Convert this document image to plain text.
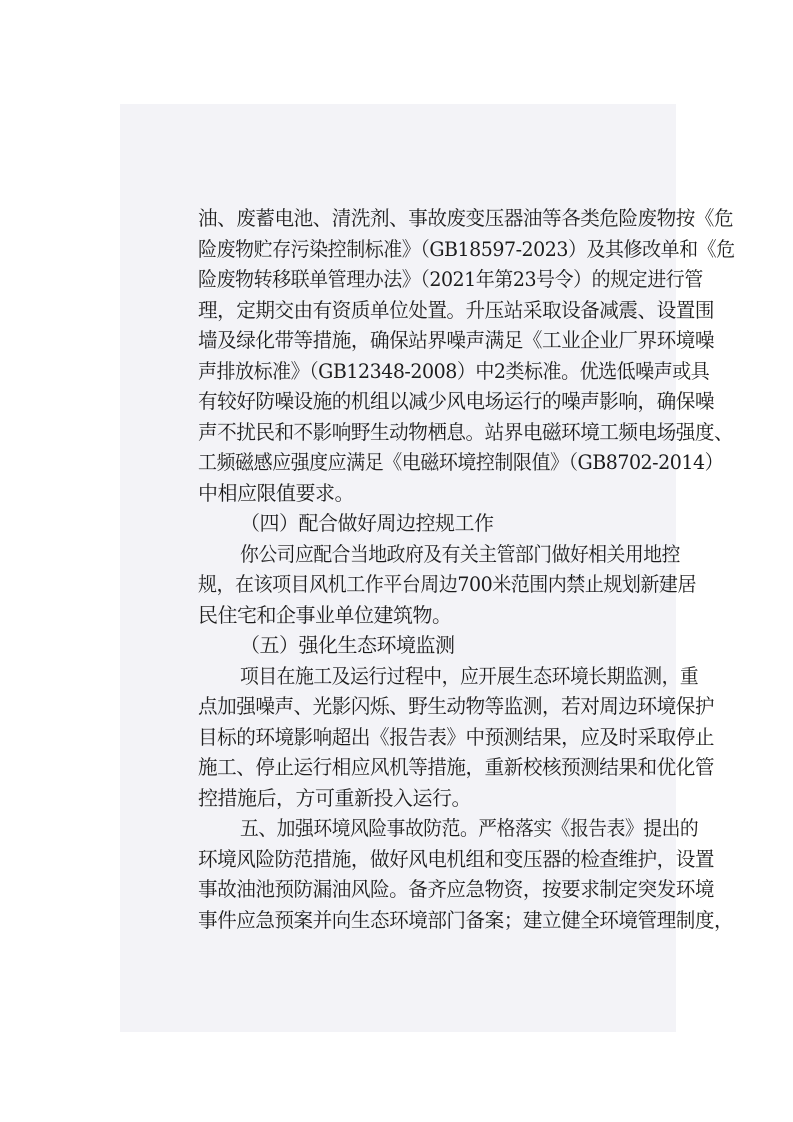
油、废蓄电池、清洗剂、事故废变压器油等各类危险废物按《危

险废物贮存污染控制标准》（GB18597-2023）及其修改单和《危

险废物转移联单管理办法》（2021年第23号令）的规定进行管

理，定期交由有资质单位处置。升压站采取设备减震、设置围

墙及绿化带等措施，确保站界噪声满足《工业企业厂界环境噪

声排放标准》（GB12348-2008）中2类标准。优选低噪声或具

有较好防噪设施的机组以减少风电场运行的噪声影响，确保噪

声不扰民和不影响野生动物栖息。站界电磁环境工频电场强度、

工频磁感应强度应满足《电磁环境控制限值》（GB8702-2014）

中相应限值要求。

（四）配合做好周边控规工作

你公司应配合当地政府及有关主管部门做好相关用地控

规，在该项目风机工作平台周边700米范围内禁止规划新建居

民住宅和企事业单位建筑物。

（五）强化生态环境监测

项目在施工及运行过程中，应开展生态环境长期监测，重

点加强噪声、光影闪烁、野生动物等监测，若对周边环境保护

目标的环境影响超出《报告表》中预测结果，应及时采取停止

施工、停止运行相应风机等措施，重新校核预测结果和优化管

控措施后，方可重新投入运行。

五、加强环境风险事故防范。严格落实《报告表》提出的

环境风险防范措施，做好风电机组和变压器的检查维护，设置

事故油池预防漏油风险。备齐应急物资，按要求制定突发环境

事件应急预案并向生态环境部门备案；建立健全环境管理制度，
